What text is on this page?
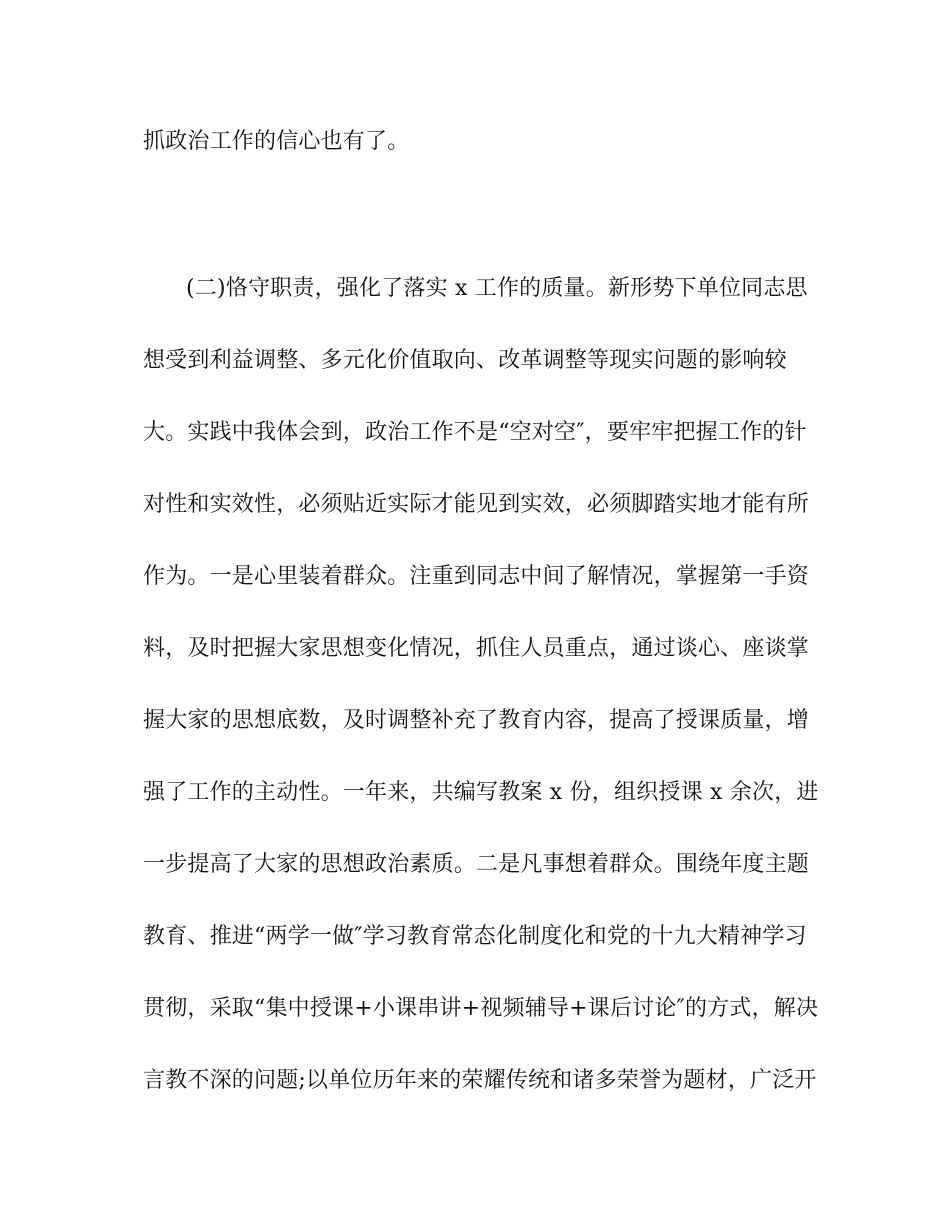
抓政治工作的信心也有了。
(二)恪守职责，强化了落实 x 工作的质量。新形势下单位同志思
想受到利益调整、多元化价值取向、改革调整等现实问题的影响较
大。实践中我体会到，政治工作不是“空对空″，要牢牢把握工作的针
对性和实效性，必须贴近实际才能见到实效，必须脚踏实地才能有所
作为。一是心里装着群众。注重到同志中间了解情况，掌握第一手资
料，及时把握大家思想变化情况，抓住人员重点，通过谈心、座谈掌
握大家的思想底数，及时调整补充了教育内容，提高了授课质量，增
强了工作的主动性。一年来，共编写教案 x 份，组织授课 x 余次，进
一步提高了大家的思想政治素质。二是凡事想着群众。围绕年度主题
教育、推进“两学一做″学习教育常态化制度化和党的十九大精神学习
贯彻，采取“集中授课+小课串讲+视频辅导+课后讨论″的方式，解决
言教不深的问题;以单位历年来的荣耀传统和诸多荣誉为题材，广泛开
